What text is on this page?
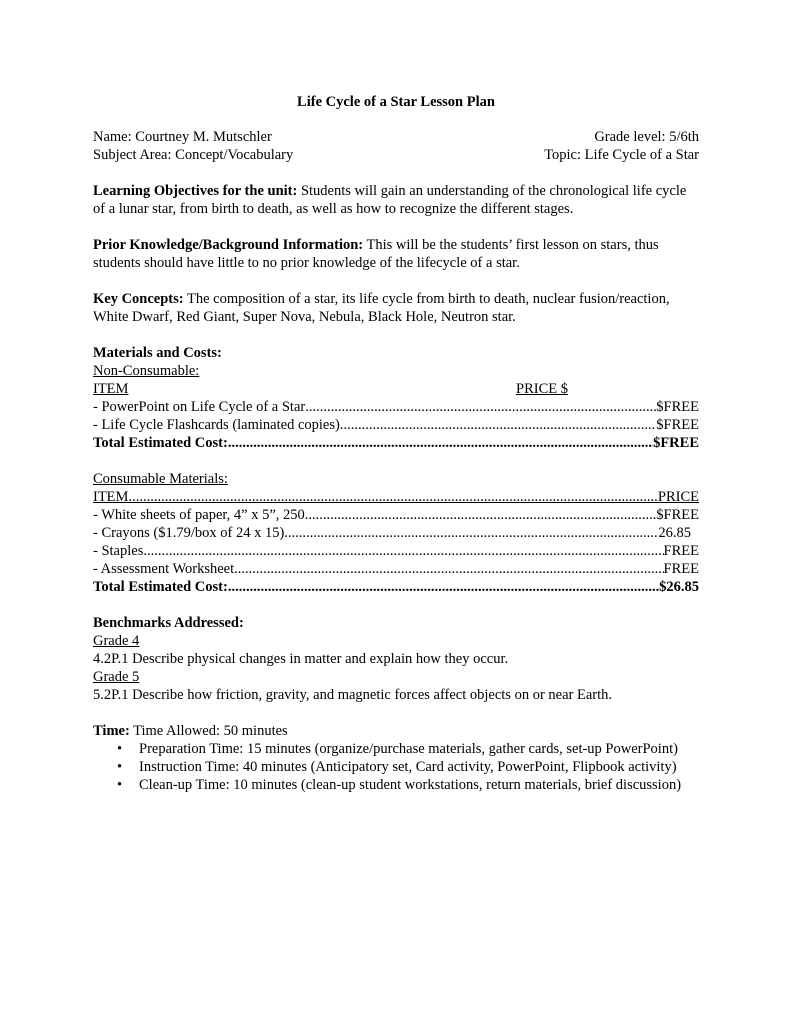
Life Cycle of a Star Lesson Plan
Name: Courtney M. Mutschler	Grade level: 5/6th
Subject Area: Concept/Vocabulary	Topic: Life Cycle of a Star
Learning Objectives for the unit: Students will gain an understanding of the chronological life cycle of a lunar star, from birth to death, as well as how to recognize the different stages.
Prior Knowledge/Background Information: This will be the students’ first lesson on stars, thus students should have little to no prior knowledge of the lifecycle of a star.
Key Concepts: The composition of a star, its life cycle from birth to death, nuclear fusion/reaction, White Dwarf, Red Giant, Super Nova, Nebula, Black Hole, Neutron star.
Materials and Costs:
Non-Consumable:
ITEM	PRICE $
- PowerPoint on Life Cycle of a Star .....	$FREE
- Life Cycle Flashcards (laminated copies) .....	$FREE
Total Estimated Cost: .....	$FREE
Consumable Materials:
ITEM .....	PRICE
- White sheets of paper, 4” x 5”, 250 .....	$FREE
- Crayons ($1.79/box of 24 x 15) .....	26.85
- Staples .....	FREE
- Assessment Worksheet .....	FREE
Total Estimated Cost: .....	$26.85
Benchmarks Addressed:
Grade 4
4.2P.1 Describe physical changes in matter and explain how they occur.
Grade 5
5.2P.1 Describe how friction, gravity, and magnetic forces affect objects on or near Earth.
Time: Time Allowed: 50 minutes
• Preparation Time: 15 minutes (organize/purchase materials, gather cards, set-up PowerPoint)
• Instruction Time: 40 minutes (Anticipatory set, Card activity, PowerPoint, Flipbook activity)
• Clean-up Time: 10 minutes (clean-up student workstations, return materials, brief discussion)
